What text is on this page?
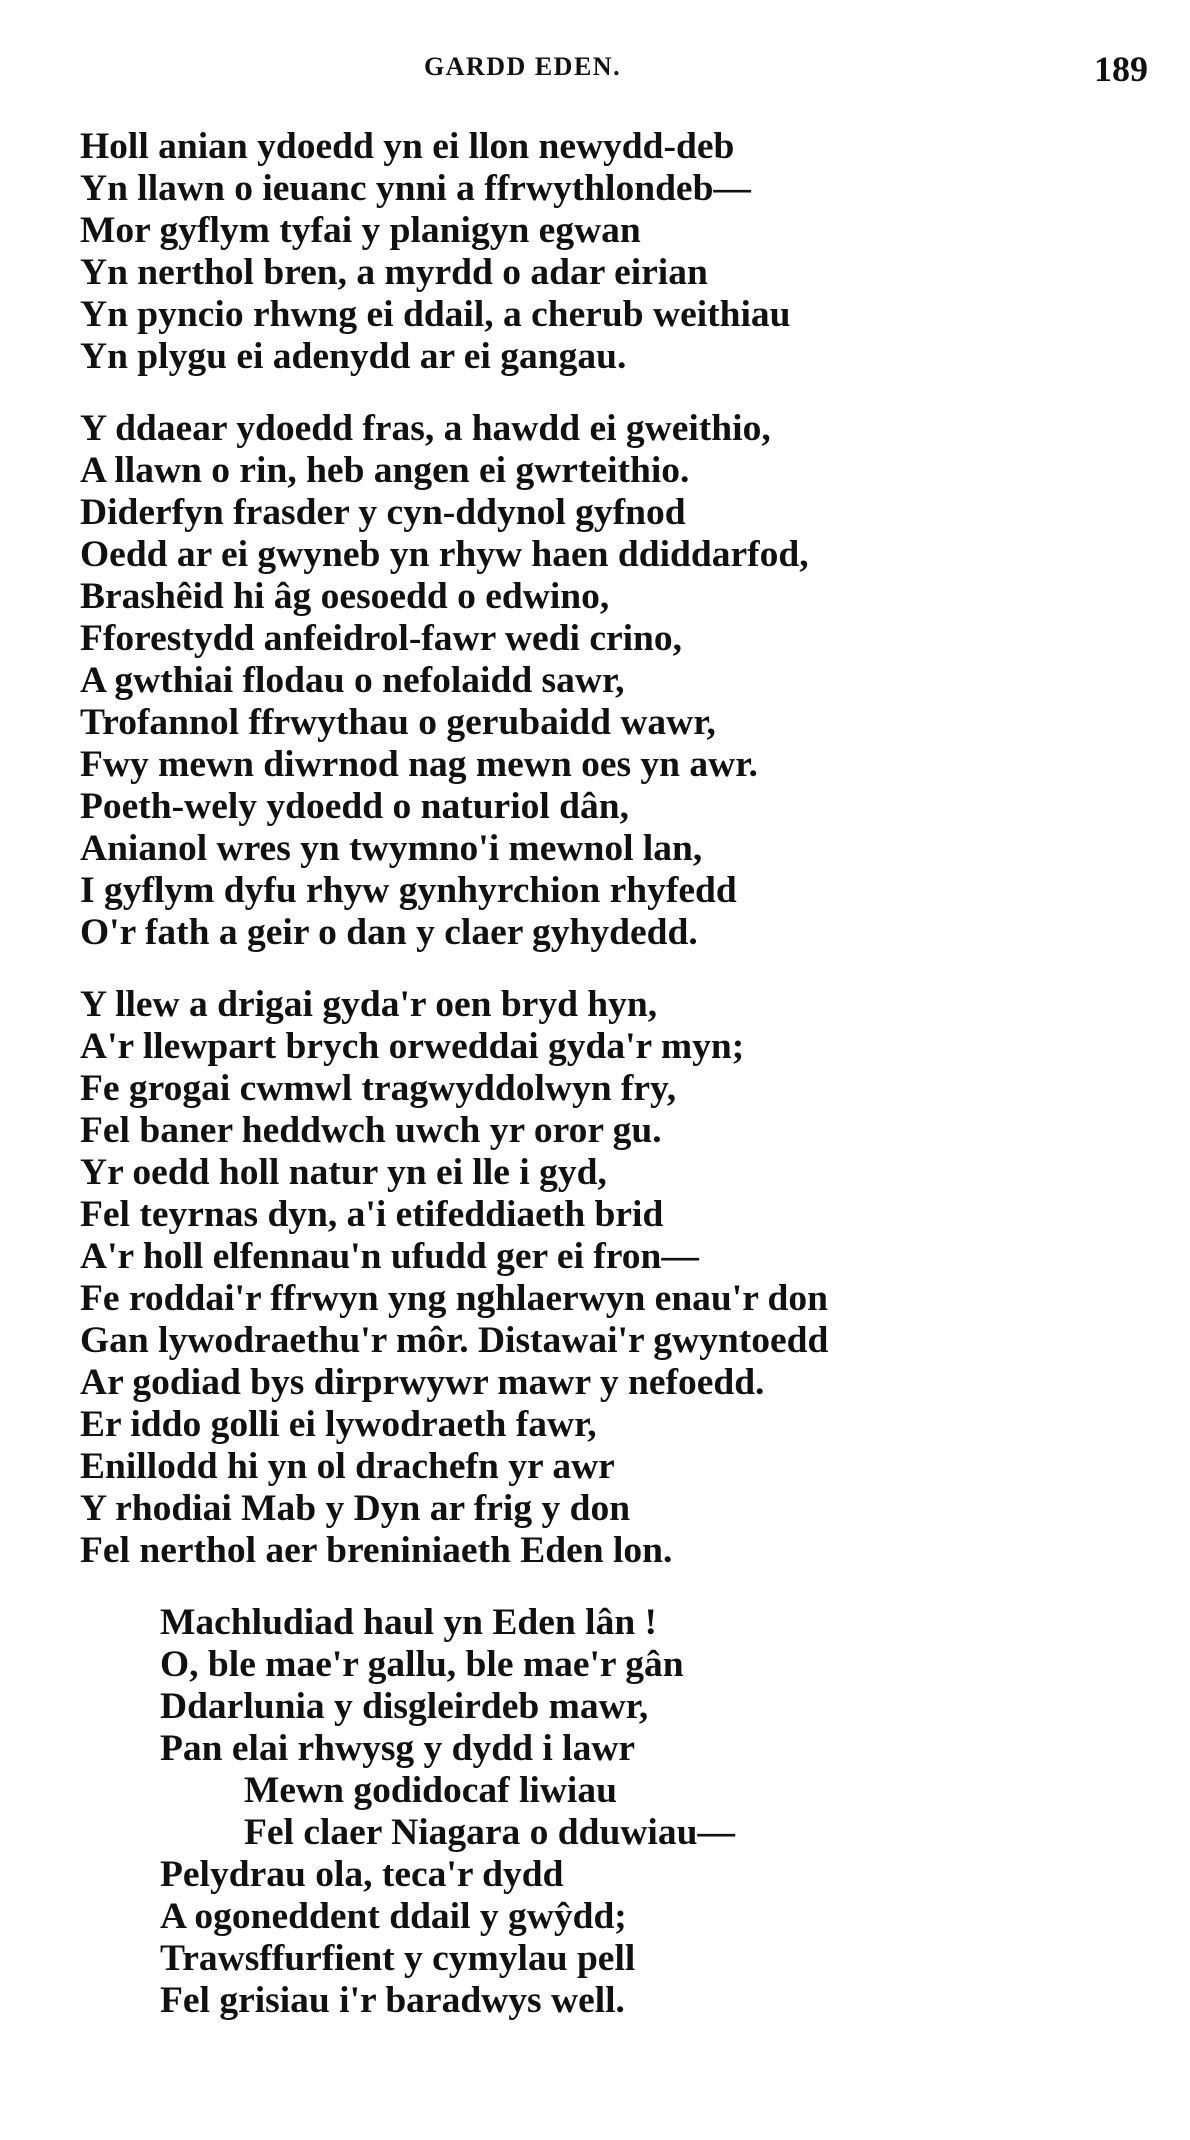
GARDD EDEN.	189
Holl anian ydoedd yn ei llon newydd-deb
Yn llawn o ieuanc ynni a ffrwythlondeb—
Mor gyflym tyfai y planigyn egwan
Yn nerthol bren, a myrdd o adar eirian
Yn pyncio rhwng ei ddail, a cherub weithiau
Yn plygu ei adenydd ar ei gangau.
Y ddaear ydoedd fras, a hawdd ei gweithio,
A llawn o rin, heb angen ei gwrteithio.
Diderfyn frasder y cyn-ddynol gyfnod
Oedd ar ei gwyneb yn rhyw haen ddiddarfod,
Brashêid hi âg oesoedd o edwino,
Fforestydd anfeidrol-fawr wedi crino,
A gwthiai flodau o nefolaidd sawr,
Trofannol ffrwythau o gerubaidd wawr,
Fwy mewn diwrnod nag mewn oes yn awr.
Poeth-wely ydoedd o naturiol dân,
Anianol wres yn twymno'i mewnol lan,
I gyflym dyfu rhyw gynhyrchion rhyfedd
O'r fath a geir o dan y claer gyhydedd.
Y llew a drigai gyda'r oen bryd hyn,
A'r llewpart brych orweddai gyda'r myn;
Fe grogai cwmwl tragwyddolwyn fry,
Fel baner heddwch uwch yr oror gu.
Yr oedd holl natur yn ei lle i gyd,
Fel teyrnas dyn, a'i etifeddiaeth brid
A'r holl elfennau'n ufudd ger ei fron—
Fe roddai'r ffrwyn yng nghlaerwyn enau'r don
Gan lywodraethu'r môr. Distawai'r gwyntoedd
Ar godiad bys dirprwywr mawr y nefoedd.
Er iddo golli ei lywodraeth fawr,
Enillodd hi yn ol drachefn yr awr
Y rhodiai Mab y Dyn ar frig y don
Fel nerthol aer breniniaeth Eden lon.
Machludiad haul yn Eden lân !
O, ble mae'r gallu, ble mae'r gân
Ddarlunia y disgleirdeb mawr,
Pan elai rhwysg y dydd i lawr
Mewn godidocaf liwiau
Fel claer Niagara o dduwiau—
Pelydrau ola, teca'r dydd
A ogoneddent ddail y gwŷdd;
Trawsffurfient y cymylau pell
Fel grisiau i'r baradwys well.
